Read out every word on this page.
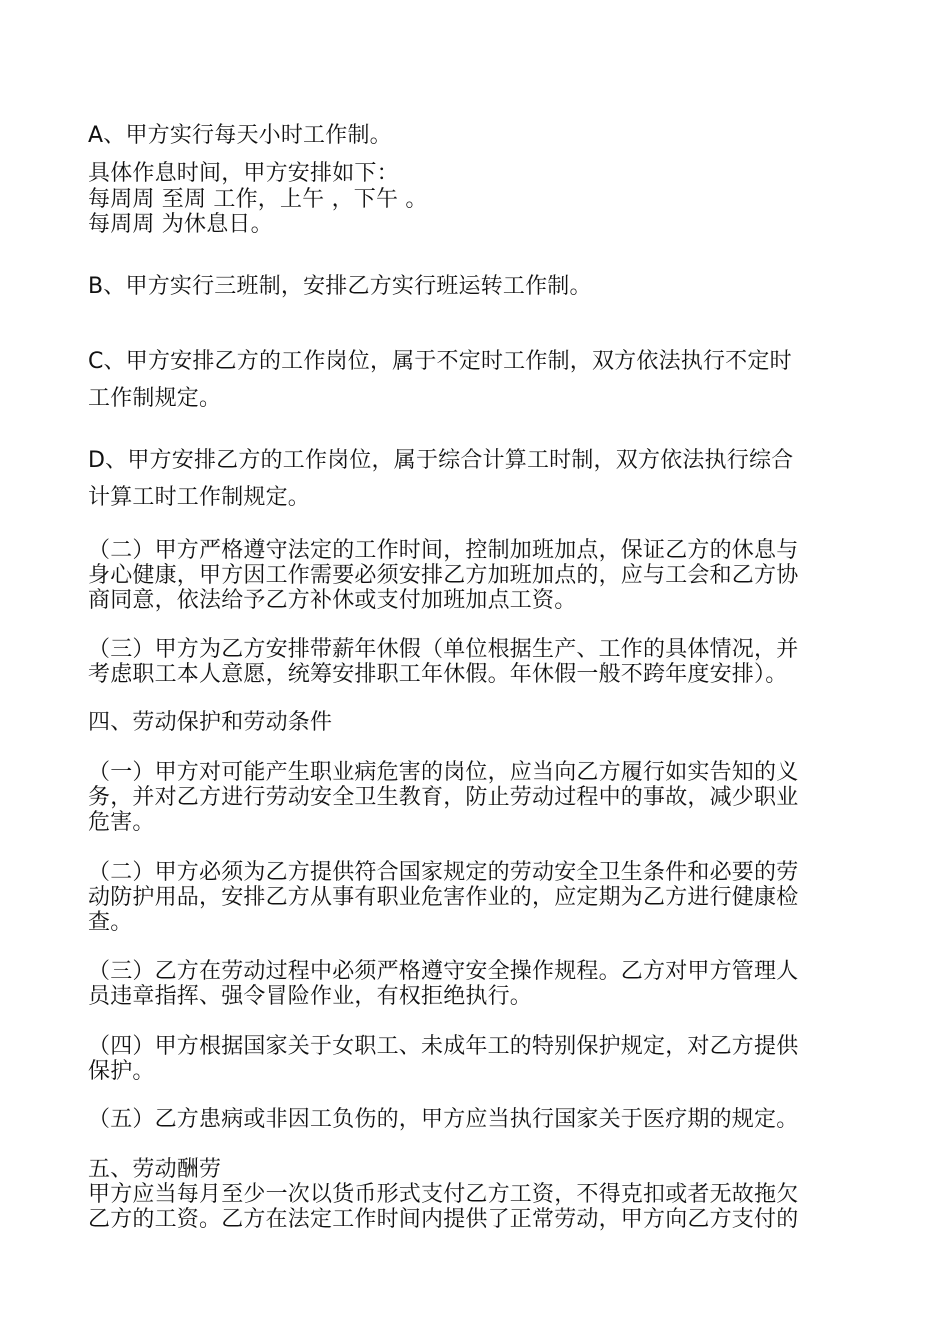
A、甲方实行每天小时工作制。
具体作息时间，甲方安排如下：
每周周 至周 工作，上午 ，下午 。
每周周 为休息日。
B、甲方实行三班制，安排乙方实行班运转工作制。
C、甲方安排乙方的工作岗位，属于不定时工作制，双方依法执行不定时
工作制规定。
D、甲方安排乙方的工作岗位，属于综合计算工时制，双方依法执行综合
计算工时工作制规定。
（二）甲方严格遵守法定的工作时间，控制加班加点，保证乙方的休息与
身心健康，甲方因工作需要必须安排乙方加班加点的，应与工会和乙方协
商同意，依法给予乙方补休或支付加班加点工资。
（三）甲方为乙方安排带薪年休假（单位根据生产、工作的具体情况，并
考虑职工本人意愿，统筹安排职工年休假。年休假一般不跨年度安排）。
四、劳动保护和劳动条件
（一）甲方对可能产生职业病危害的岗位，应当向乙方履行如实告知的义
务，并对乙方进行劳动安全卫生教育，防止劳动过程中的事故，减少职业
危害。
（二）甲方必须为乙方提供符合国家规定的劳动安全卫生条件和必要的劳
动防护用品，安排乙方从事有职业危害作业的，应定期为乙方进行健康检
查。
（三）乙方在劳动过程中必须严格遵守安全操作规程。乙方对甲方管理人
员违章指挥、强令冒险作业，有权拒绝执行。
（四）甲方根据国家关于女职工、未成年工的特别保护规定，对乙方提供
保护。
（五）乙方患病或非因工负伤的，甲方应当执行国家关于医疗期的规定。
五、劳动酬劳
甲方应当每月至少一次以货币形式支付乙方工资，不得克扣或者无故拖欠
乙方的工资。乙方在法定工作时间内提供了正常劳动，甲方向乙方支付的
